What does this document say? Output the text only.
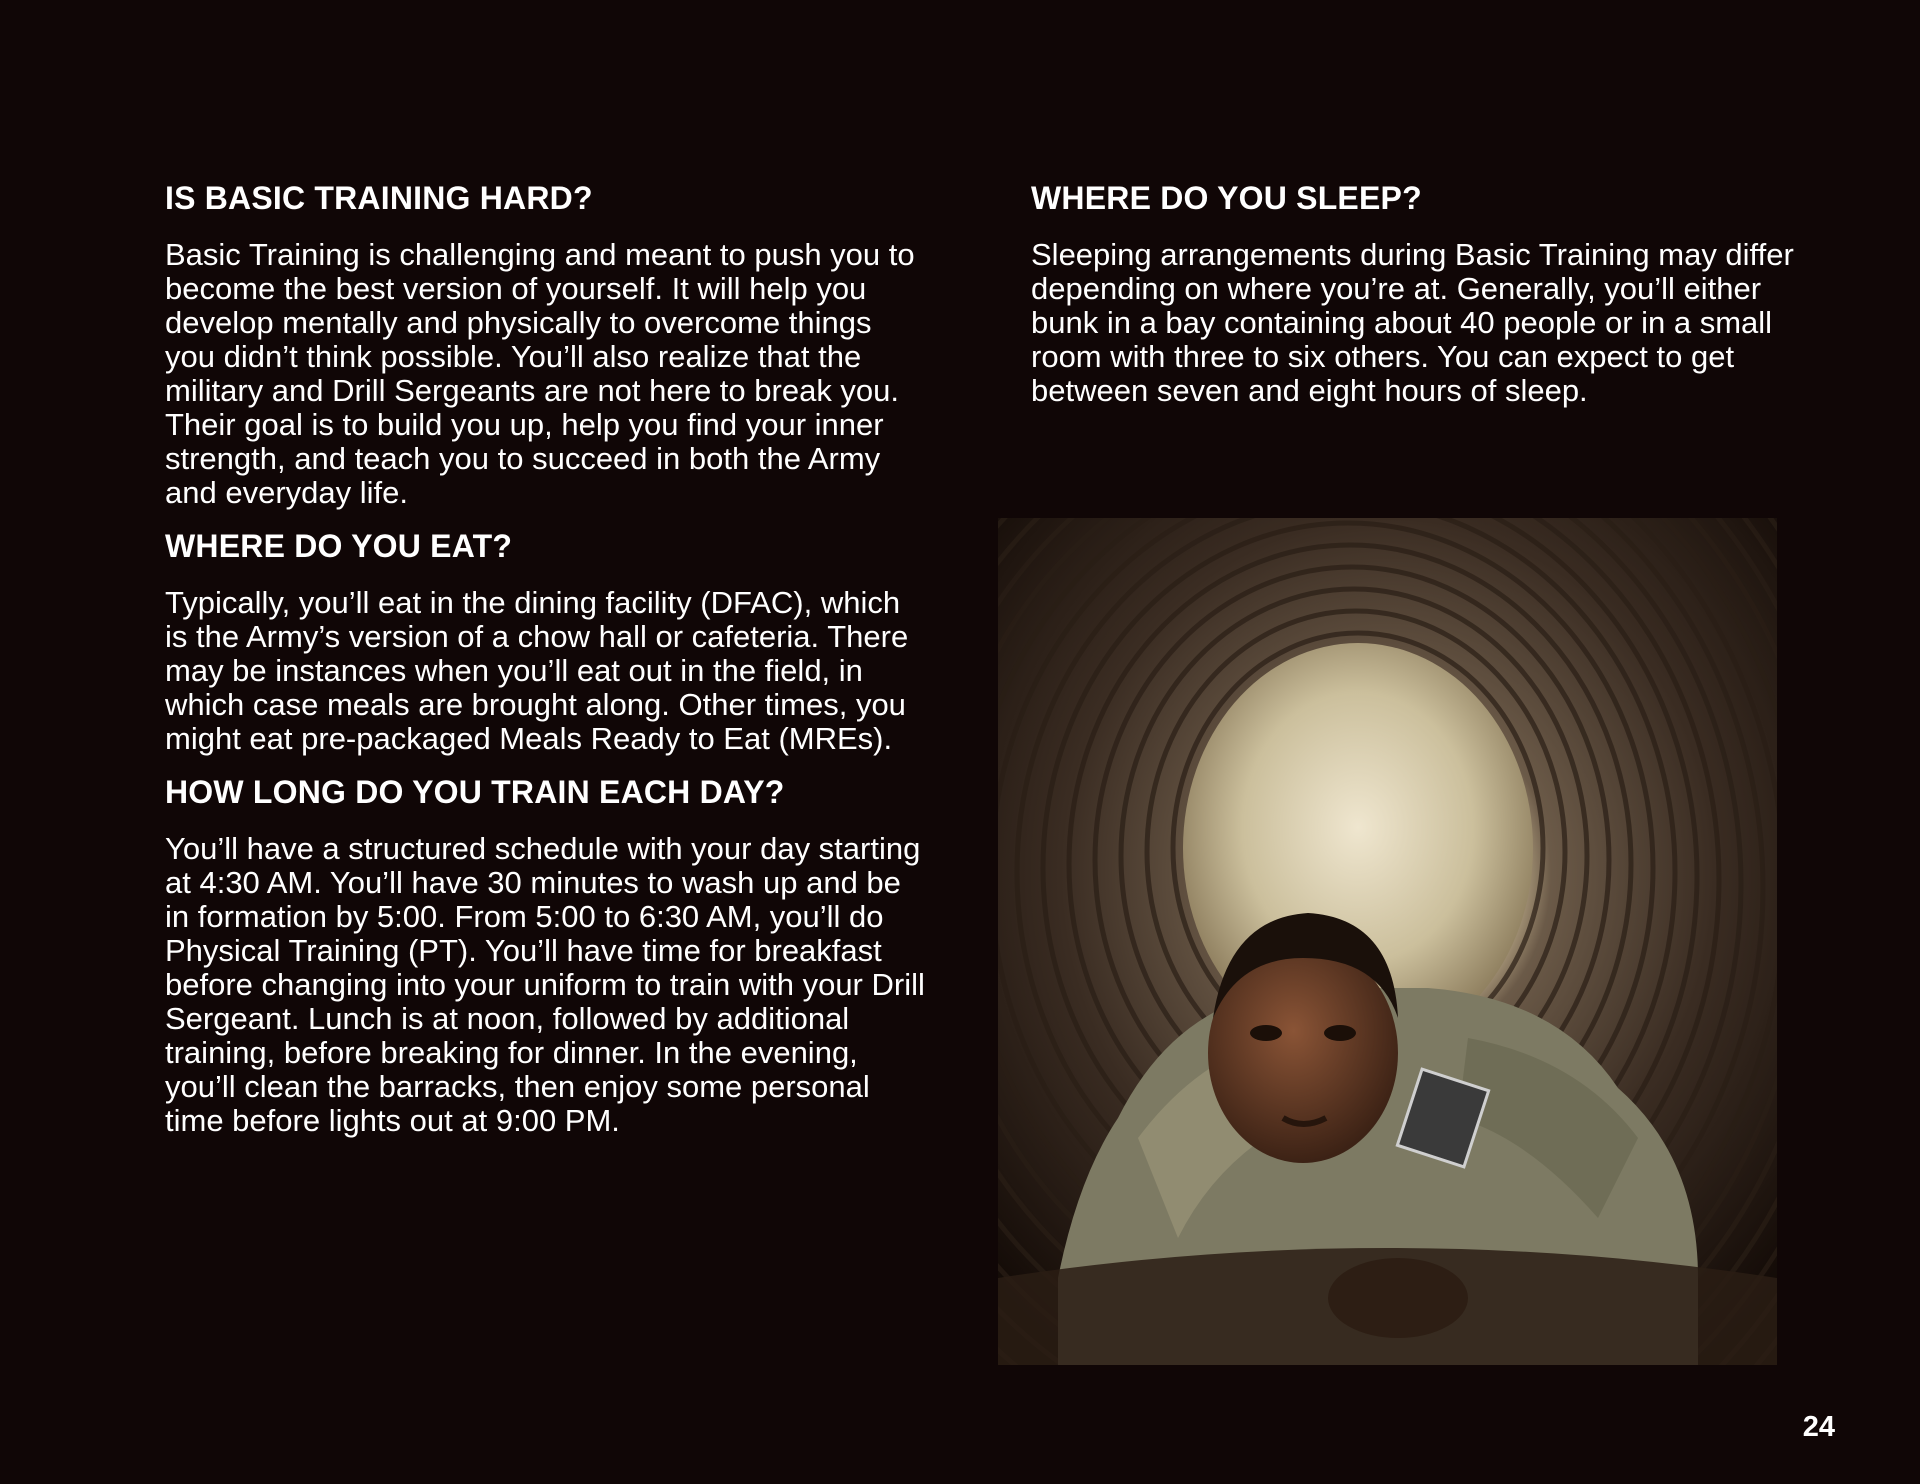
IS BASIC TRAINING HARD?

Basic Training is challenging and meant to push you to become the best version of yourself. It will help you develop mentally and physically to overcome things you didn’t think possible. You’ll also realize that the military and Drill Sergeants are not here to break you. Their goal is to build you up, help you find your inner strength, and teach you to succeed in both the Army and everyday life.

WHERE DO YOU EAT?

Typically, you’ll eat in the dining facility (DFAC), which is the Army’s version of a chow hall or cafeteria. There may be instances when you’ll eat out in the field, in which case meals are brought along. Other times, you might eat pre-packaged Meals Ready to Eat (MREs).

HOW LONG DO YOU TRAIN EACH DAY?

You’ll have a structured schedule with your day starting at 4:30 AM. You’ll have 30 minutes to wash up and be in formation by 5:00. From 5:00 to 6:30 AM, you’ll do Physical Training (PT). You’ll have time for breakfast before changing into your uniform to train with your Drill Sergeant. Lunch is at noon, followed by additional training, before breaking for dinner. In the evening, you’ll clean the barracks, then enjoy some personal time before lights out at 9:00 PM.

WHERE DO YOU SLEEP?

Sleeping arrangements during Basic Training may differ depending on where you’re at. Generally, you’ll either bunk in a bay containing about 40 people or in a small room with three to six others. You can expect to get between seven and eight hours of sleep.

24
